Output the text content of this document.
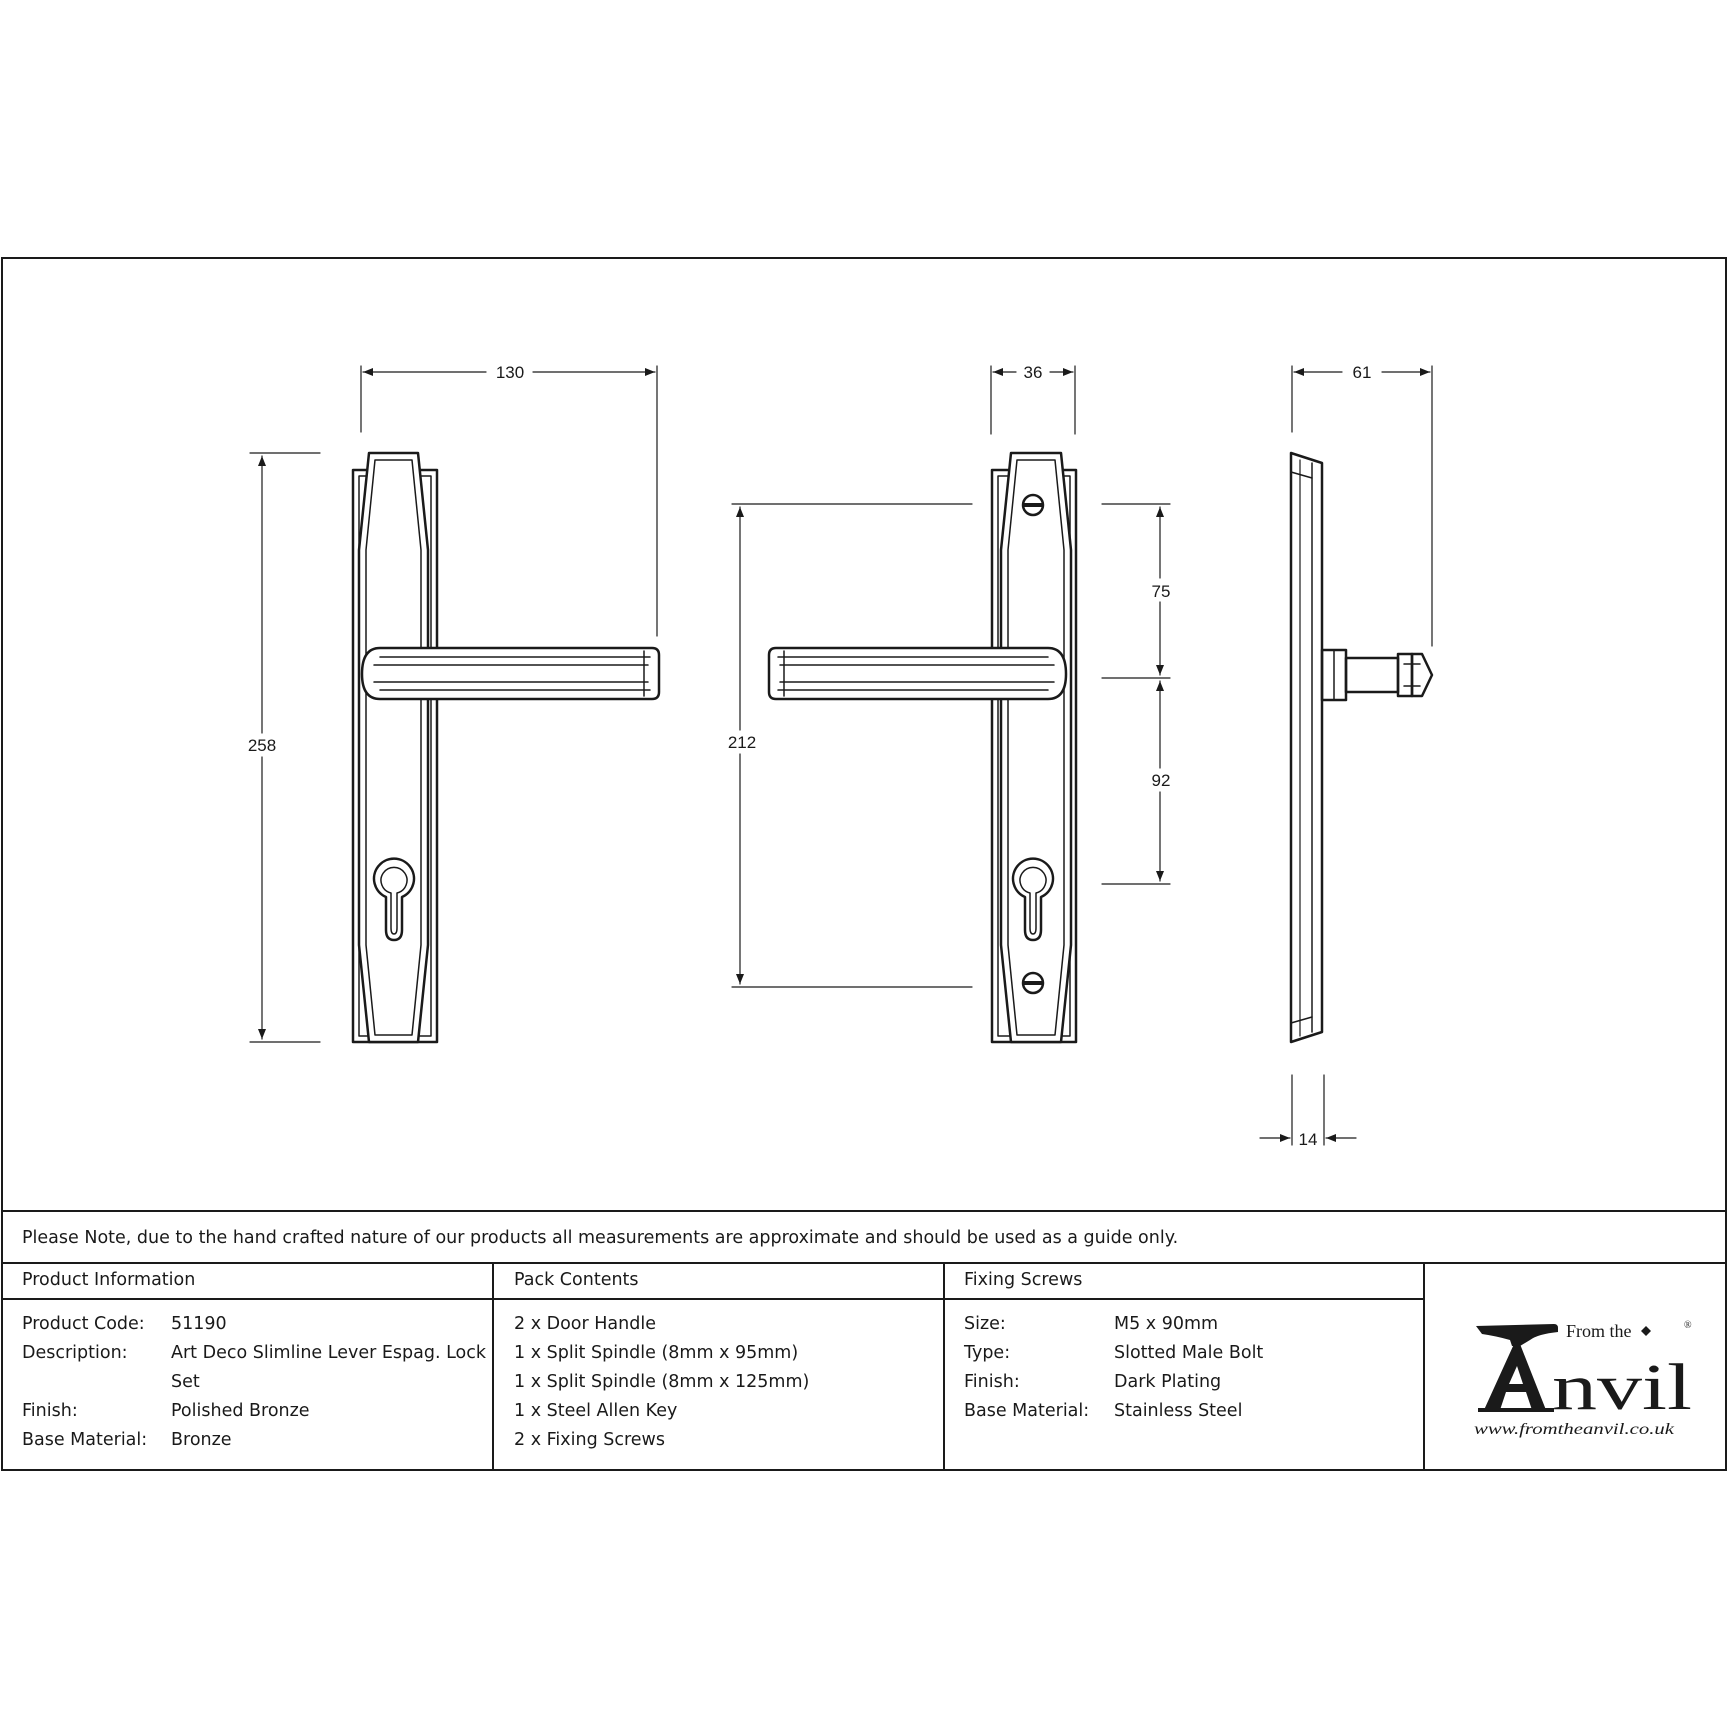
130
258
36
212
75
92
61
14
Please Note, due to the hand crafted nature of our products all measurements are approximate and should be used as a guide only.
Product Information
Product Code: 51190
Description: Art Deco Slimline Lever Espag. Lock
Set
Finish:	Polished Bronze
Base Material: Bronze
Pack Contents
2 x Door Handle
1 x Split Spindle (8mm x 95mm)
1 x Split Spindle (8mm x 125mm)
1 x Steel Allen Key
2 x Fixing Screws
Fixing Screws
Size:	M5 x 90mm
Type:	Slotted Male Bolt
Finish:	Dark Plating
Base Material: Stainless Steel
From the	®
nvil
www.fromtheanvil.co.uk
